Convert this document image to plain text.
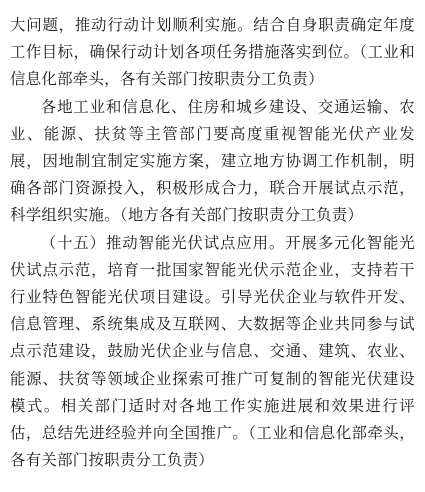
大问题，推动行动计划顺利实施。结合自身职责确定年度工作目标，确保行动计划各项任务措施落实到位。（工业和信息化部牵头，各有关部门按职责分工负责）

各地工业和信息化、住房和城乡建设、交通运输、农业、能源、扶贫等主管部门要高度重视智能光伏产业发展，因地制宜制定实施方案，建立地方协调工作机制，明确各部门资源投入，积极形成合力，联合开展试点示范，科学组织实施。（地方各有关部门按职责分工负责）

（十五）推动智能光伏试点应用。开展多元化智能光伏试点示范，培育一批国家智能光伏示范企业，支持若干行业特色智能光伏项目建设。引导光伏企业与软件开发、信息管理、系统集成及互联网、大数据等企业共同参与试点示范建设，鼓励光伏企业与信息、交通、建筑、农业、能源、扶贫等领域企业探索可推广可复制的智能光伏建设模式。相关部门适时对各地工作实施进展和效果进行评估，总结先进经验并向全国推广。（工业和信息化部牵头，各有关部门按职责分工负责）
